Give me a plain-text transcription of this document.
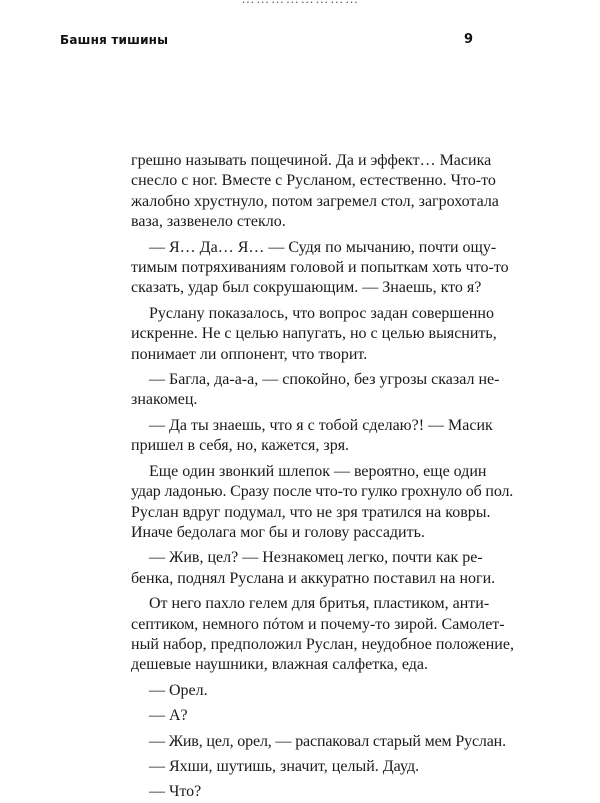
Башня тишины	9

грешно называть пощечиной. Да и эффект… Масика
снесло с ног. Вместе с Русланом, естественно. Что-то
жалобно хрустнуло, потом загремел стол, загрохотала
ваза, зазвенело стекло.

— Я… Да… Я… — Судя по мычанию, почти ощу-
тимым потряхиваниям головой и попыткам хоть что-то
сказать, удар был сокрушающим. — Знаешь, кто я?

Руслану показалось, что вопрос задан совершенно
искренне. Не с целью напугать, но с целью выяснить,
понимает ли оппонент, что творит.

— Багла, да-а-а, — спокойно, без угрозы сказал не-
знакомец.

— Да ты знаешь, что я с тобой сделаю?! — Масик
пришел в себя, но, кажется, зря.

Еще один звонкий шлепок — вероятно, еще один
удар ладонью. Сразу после что-то гулко грохнуло об пол.
Руслан вдруг подумал, что не зря тратился на ковры.
Иначе бедолага мог бы и голову рассадить.

— Жив, цел? — Незнакомец легко, почти как ре-
бенка, поднял Руслана и аккуратно поставил на ноги.

От него пахло гелем для бритья, пластиком, анти-
септиком, немного пóтом и почему-то зирой. Самолет-
ный набор, предположил Руслан, неудобное положение,
дешевые наушники, влажная салфетка, еда.

— Орел.

— А?

— Жив, цел, орел, — распаковал старый мем Руслан.

— Яхши, шутишь, значит, целый. Дауд.

— Что?
